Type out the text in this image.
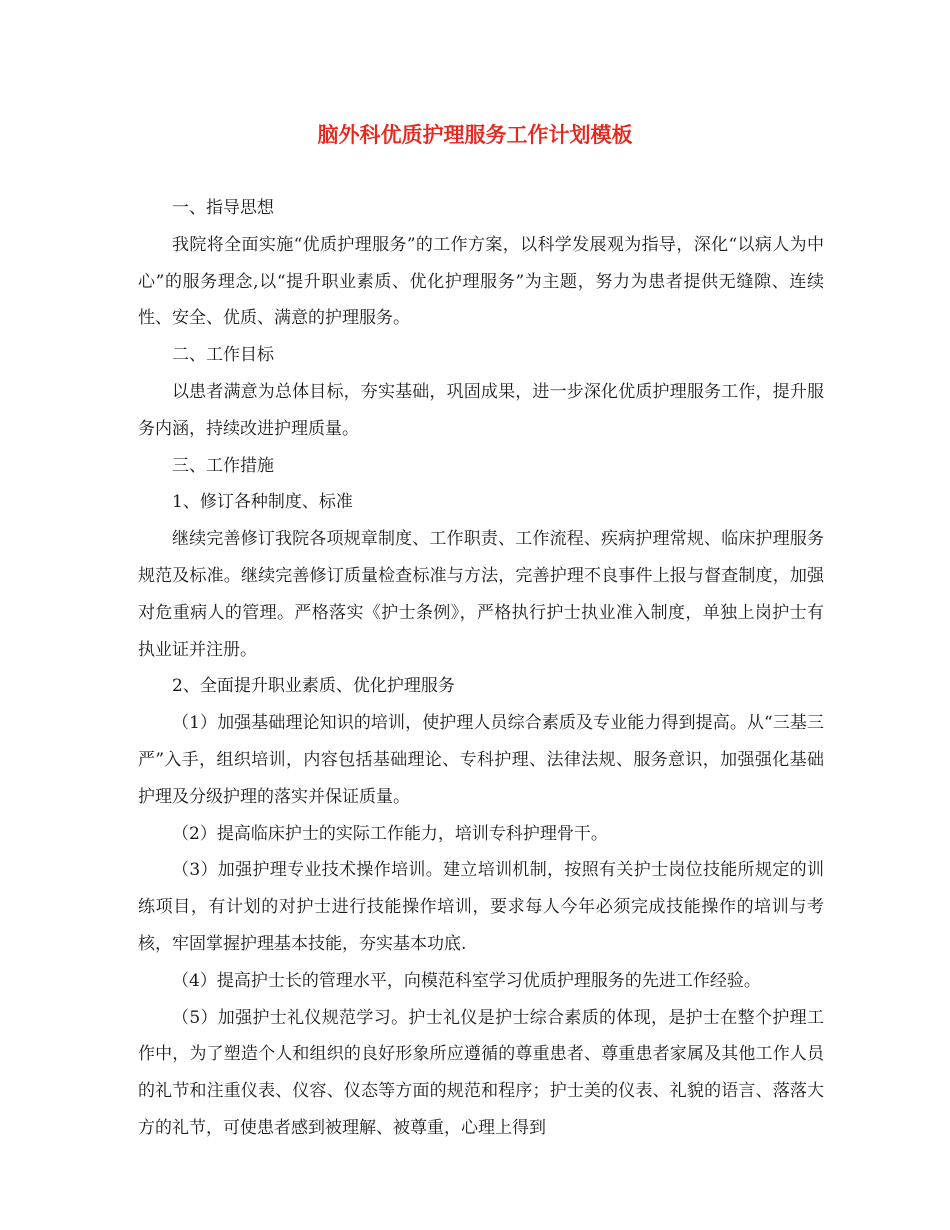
脑外科优质护理服务工作计划模板

一、指导思想

我院将全面实施“优质护理服务”的工作方案，以科学发展观为指导，深化“以病人为中心”的服务理念,以“提升职业素质、优化护理服务”为主题，努力为患者提供无缝隙、连续性、安全、优质、满意的护理服务。

二、工作目标

以患者满意为总体目标，夯实基础，巩固成果，进一步深化优质护理服务工作，提升服务内涵，持续改进护理质量。

三、工作措施

1、修订各种制度、标准

继续完善修订我院各项规章制度、工作职责、工作流程、疾病护理常规、临床护理服务规范及标准。继续完善修订质量检查标准与方法，完善护理不良事件上报与督查制度，加强对危重病人的管理。严格落实《护士条例》，严格执行护士执业准入制度，单独上岗护士有执业证并注册。

2、全面提升职业素质、优化护理服务

（1）加强基础理论知识的培训，使护理人员综合素质及专业能力得到提高。从“三基三严”入手，组织培训，内容包括基础理论、专科护理、法律法规、服务意识，加强强化基础护理及分级护理的落实并保证质量。

（2）提高临床护士的实际工作能力，培训专科护理骨干。

（3）加强护理专业技术操作培训。建立培训机制，按照有关护士岗位技能所规定的训练项目，有计划的对护士进行技能操作培训，要求每人今年必须完成技能操作的培训与考核，牢固掌握护理基本技能，夯实基本功底.

（4）提高护士长的管理水平，向模范科室学习优质护理服务的先进工作经验。

（5）加强护士礼仪规范学习。护士礼仪是护士综合素质的体现，是护士在整个护理工作中，为了塑造个人和组织的良好形象所应遵循的尊重患者、尊重患者家属及其他工作人员的礼节和注重仪表、仪容、仪态等方面的规范和程序；护士美的仪表、礼貌的语言、落落大方的礼节，可使患者感到被理解、被尊重，心理上得到
